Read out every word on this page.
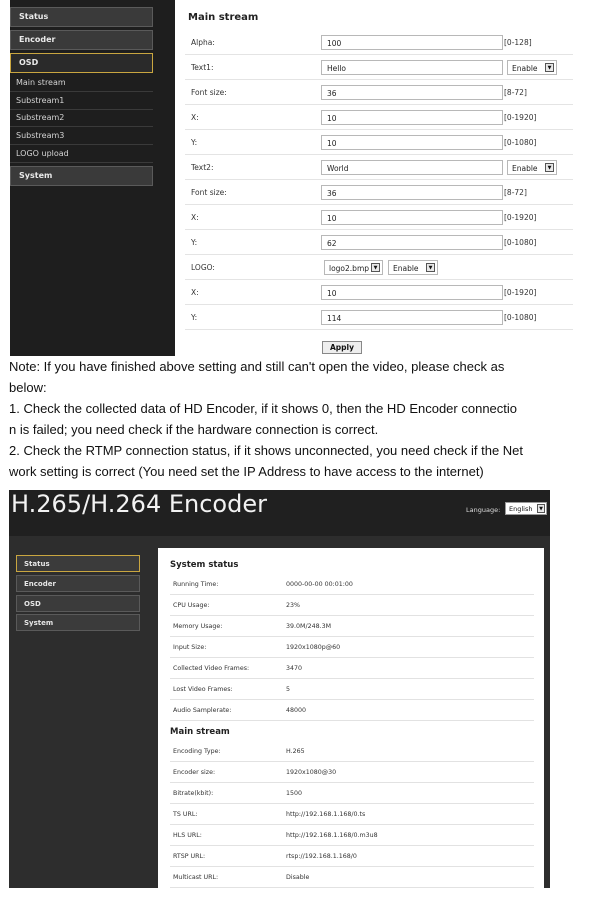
Status
Encoder
OSD
Main stream
Substream1
Substream2
Substream3
LOGO upload
System
Main stream
Alpha:	100	[0-128]
Text1:	Hello	Enable	▼
Font size:	36	[8-72]
X:	10	[0-1920]
Y:	10	[0-1080]
Text2:	World	Enable	▼
Font size:	36	[8-72]
X:	10	[0-1920]
Y:	62	[0-1080]
LOGO:	logo2.bmp ▼	Enable	▼
X:	10	[0-1920]
Y:	114	[0-1080]
Apply
Note: If you have finished above setting and still can't open the video, please check as
below:
1. Check the collected data of HD Encoder, if it shows 0, then the HD Encoder connectio
n is failed; you need check if the hardware connection is correct.
2. Check the RTMP connection status, if it shows unconnected, you need check if the Net
work setting is correct (You need set the IP Address to have access to the internet)
H.265/H.264 Encoder	Language:	English	▼
Status
Encoder
OSD
System
System status
Running Time:	0000-00-00 00:01:00
CPU Usage:	23%
Memory Usage:	39.0M/248.3M
Input Size:	1920x1080p@60
Collected Video Frames:	3470
Lost Video Frames:	5
Audio Samplerate:	48000
Main stream
Encoding Type:	H.265
Encoder size:	1920x1080@30
Bitrate(kbit):	1500
TS URL:	http://192.168.1.168/0.ts
HLS URL:	http://192.168.1.168/0.m3u8
RTSP URL:	rtsp://192.168.1.168/0
Multicast URL:	Disable
